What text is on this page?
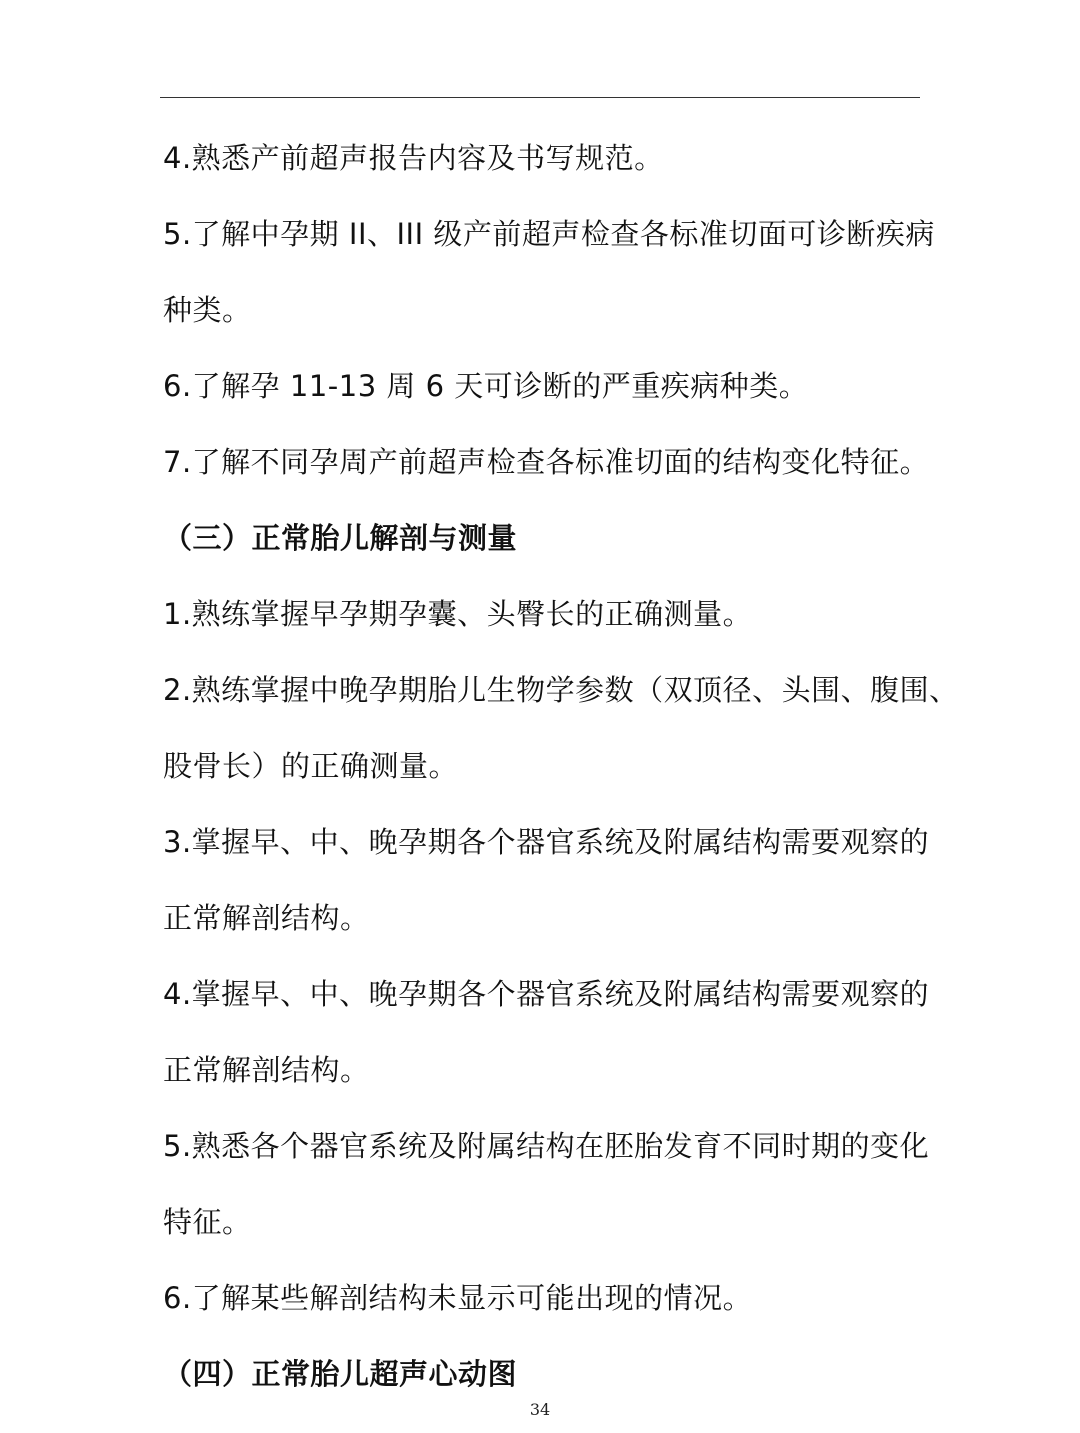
4.熟悉产前超声报告内容及书写规范。
5.了解中孕期 II、III 级产前超声检查各标准切面可诊断疾病
种类。
6.了解孕 11-13 周 6 天可诊断的严重疾病种类。
7.了解不同孕周产前超声检查各标准切面的结构变化特征。
（三）正常胎儿解剖与测量
1.熟练掌握早孕期孕囊、头臀长的正确测量。
2.熟练掌握中晚孕期胎儿生物学参数（双顶径、头围、腹围、
股骨长）的正确测量。
3.掌握早、中、晚孕期各个器官系统及附属结构需要观察的
正常解剖结构。
4.掌握早、中、晚孕期各个器官系统及附属结构需要观察的
正常解剖结构。
5.熟悉各个器官系统及附属结构在胚胎发育不同时期的变化
特征。
6.了解某些解剖结构未显示可能出现的情况。
（四）正常胎儿超声心动图
34
